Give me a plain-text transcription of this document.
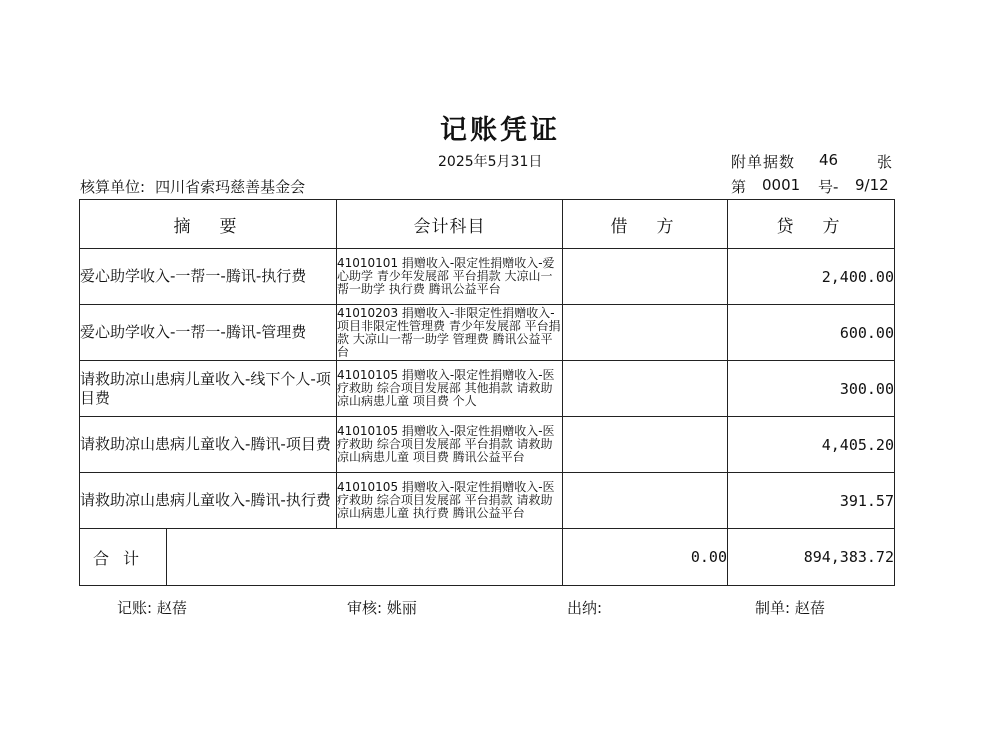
记账凭证
2025年5月31日	附单据数 46	张
核算单位: 四川省索玛慈善基金会	第 0001 号- 9/12
摘　要		会计科目	借　方	贷　方
爱心助学收入-一帮一-腾讯-执行费		41010101 捐赠收入-限定性捐赠收入-爱心助学 青少年发展部 平台捐款 大凉山一帮一助学 执行费 腾讯公益平台		2,400.00
爱心助学收入-一帮一-腾讯-管理费		41010203 捐赠收入-非限定性捐赠收入-项目非限定性管理费 青少年发展部 平台捐款 大凉山一帮一助学 管理费 腾讯公益平台		600.00
请救助凉山患病儿童收入-线下个人-项目费		41010105 捐赠收入-限定性捐赠收入-医疗救助 综合项目发展部 其他捐款 请救助凉山病患儿童 项目费 个人		300.00
请救助凉山患病儿童收入-腾讯-项目费		41010105 捐赠收入-限定性捐赠收入-医疗救助 综合项目发展部 平台捐款 请救助凉山病患儿童 项目费 腾讯公益平台		4,405.20
请救助凉山患病儿童收入-腾讯-执行费		41010105 捐赠收入-限定性捐赠收入-医疗救助 综合项目发展部 平台捐款 请救助凉山病患儿童 执行费 腾讯公益平台		391.57
合计			0.00	894,383.72
记账: 赵蓓	审核: 姚丽	出纳:	制单: 赵蓓
